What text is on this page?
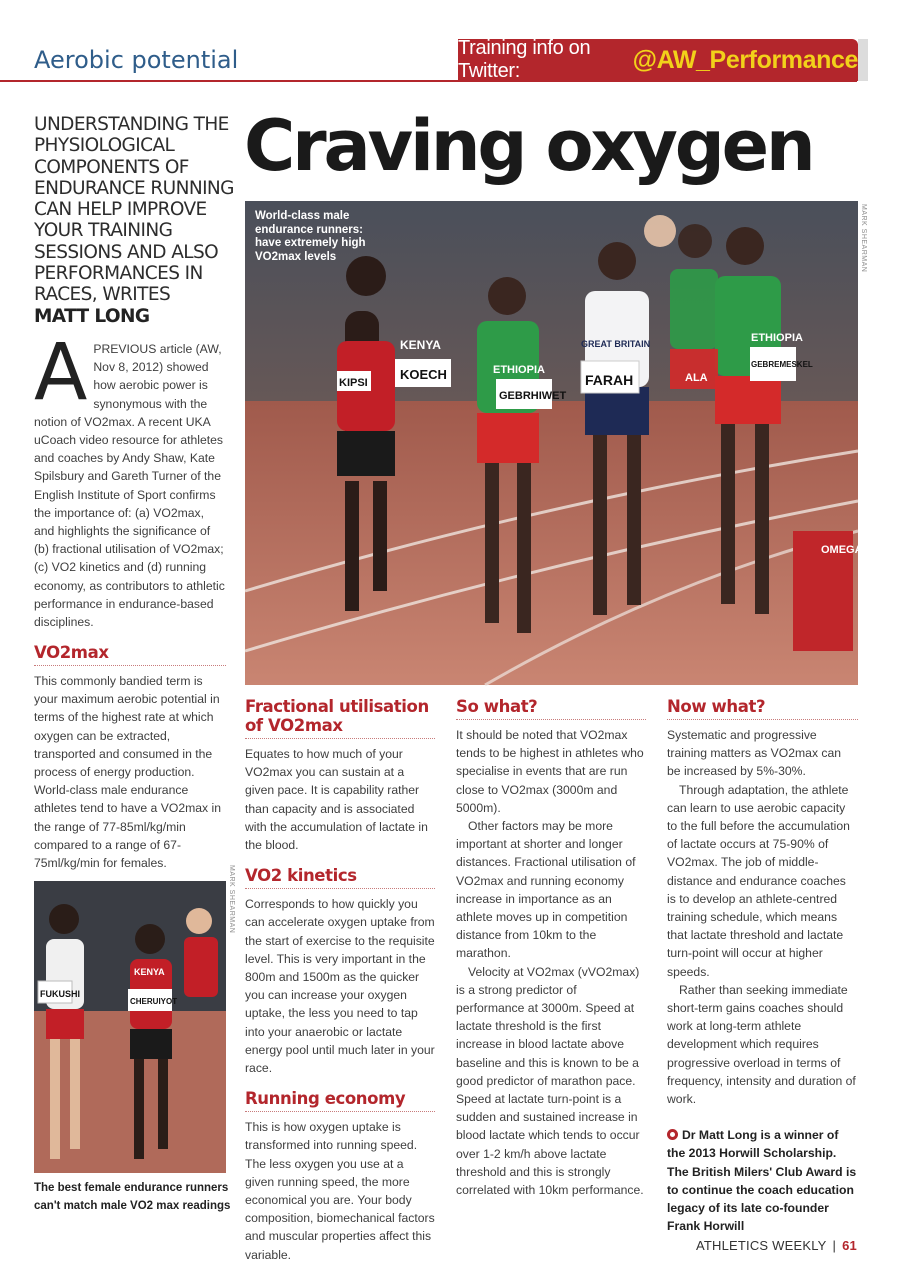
Aerobic potential	Training info on Twitter:	@AW_Performance
UNDERSTANDING THE PHYSIOLOGICAL COMPONENTS OF ENDURANCE RUNNING CAN HELP IMPROVE YOUR TRAINING SESSIONS AND ALSO PERFORMANCES IN RACES, WRITES
MATT LONG
Craving oxygen
KENYA
KOECH	ETHIOPIA
GEBRHIWET
GREAT BRITAIN
FARAH
ETHIOPIA
GEBREMESKEL
KIPSI	ALA
OMEGA
World-class male endurance runners: have extremely high VO2max levels	MARK SHEARMAN
A PREVIOUS article (AW, Nov 8, 2012) showed how aerobic power is synonymous with the notion of VO2max. A recent UKA uCoach video resource for athletes and coaches by Andy Shaw, Kate Spilsbury and Gareth Turner of the English Institute of Sport confirms the importance of: (a) VO2max, and highlights the significance of (b) fractional utilisation of VO2max; (c) VO2 kinetics and (d) running economy, as contributors to athletic performance in endurance-based disciplines.
VO2max

This commonly bandied term is your maximum aerobic potential in terms of the highest rate at which oxygen can be extracted, transported and consumed in the process of energy production. World-class male endurance athletes tend to have a VO2max in the range of 77-85ml/kg/min compared to a range of 67-75ml/kg/min for females.

FUKUSHI
KENYA
CHERUIYOT
MARK SHEARMAN
The best female endurance runners can't match male VO2 max readings
Fractional utilisation of VO2max

Equates to how much of your VO2max you can sustain at a given pace. It is capability rather than capacity and is associated with the accumulation of lactate in the blood.

VO2 kinetics

Corresponds to how quickly you can accelerate oxygen uptake from the start of exercise to the requisite level. This is very important in the 800m and 1500m as the quicker you can increase your oxygen uptake, the less you need to tap into your anaerobic or lactate energy pool until much later in your race.

Running economy

This is how oxygen uptake is transformed into running speed. The less oxygen you use at a given running speed, the more economical you are. Your body composition, biomechanical factors and muscular properties affect this variable.

So what?

It should be noted that VO2max tends to be highest in athletes who specialise in events that are run close to VO2max (3000m and 5000m).

Other factors may be more important at shorter and longer distances. Fractional utilisation of VO2max and running economy increase in importance as an athlete moves up in competition distance from 10km to the marathon.

Velocity at VO2max (vVO2max) is a strong predictor of performance at 3000m. Speed at lactate threshold is the first increase in blood lactate above baseline and this is known to be a good predictor of marathon pace. Speed at lactate turn-point is a sudden and sustained increase in blood lactate which tends to occur over 1-2 km/h above lactate threshold and this is strongly correlated with 10km performance.

Now what?

Systematic and progressive training matters as VO2max can be increased by 5%-30%.

Through adaptation, the athlete can learn to use aerobic capacity to the full before the accumulation of lactate occurs at 75-90% of VO2max. The job of middle-distance and endurance coaches is to develop an athlete-centred training schedule, which means that lactate threshold and lactate turn-point will occur at higher speeds.

Rather than seeking immediate short-term gains coaches should work at long-term athlete development which requires progressive overload in terms of frequency, intensity and duration of work.

Dr Matt Long is a winner of the 2013 Horwill Scholarship. The British Milers' Club Award is to continue the coach education legacy of its late co-founder Frank Horwill
ATHLETICS WEEKLY | 61
